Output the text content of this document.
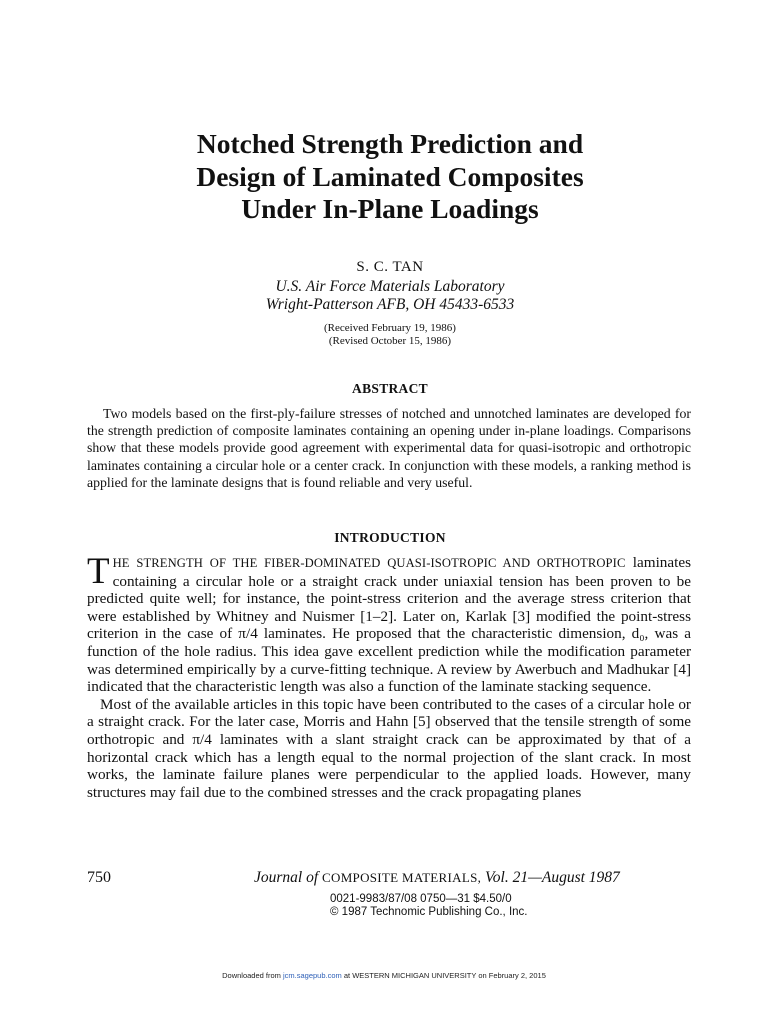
Notched Strength Prediction and
Design of Laminated Composites
Under In-Plane Loadings
S. C. TAN
U.S. Air Force Materials Laboratory
Wright-Patterson AFB, OH 45433-6533
(Received February 19, 1986)
(Revised October 15, 1986)
ABSTRACT

Two models based on the first-ply-failure stresses of notched and unnotched laminates are developed for the strength prediction of composite laminates containing an opening under in-plane loadings. Comparisons show that these models provide good agreement with experimental data for quasi-isotropic and orthotropic laminates containing a circular hole or a center crack. In conjunction with these models, a ranking method is applied for the laminate designs that is found reliable and very useful.

INTRODUCTION

THE STRENGTH OF THE FIBER-DOMINATED QUASI-ISOTROPIC AND ORTHOTROPIC laminates containing a circular hole or a straight crack under uniaxial tension has been proven to be predicted quite well; for instance, the point-stress criterion and the average stress criterion that were established by Whitney and Nuismer [1–2]. Later on, Karlak [3] modified the point-stress criterion in the case of π/4 laminates. He proposed that the characteristic dimension, d₀, was a function of the hole radius. This idea gave excellent prediction while the modification parameter was determined empirically by a curve-fitting technique. A review by Awerbuch and Madhukar [4] indicated that the characteristic length was also a function of the laminate stacking sequence.

Most of the available articles in this topic have been contributed to the cases of a circular hole or a straight crack. For the later case, Morris and Hahn [5] observed that the tensile strength of some orthotropic and π/4 laminates with a slant straight crack can be approximated by that of a horizontal crack which has a length equal to the normal projection of the slant crack. In most works, the laminate failure planes were perpendicular to the applied loads. However, many structures may fail due to the combined stresses and the crack propagating planes

750	Journal of COMPOSITE MATERIALS, Vol. 21—August 1987
0021-9983/87/08 0750—31 $4.50/0
© 1987 Technomic Publishing Co., Inc.
Downloaded from jcm.sagepub.com at WESTERN MICHIGAN UNIVERSITY on February 2, 2015
